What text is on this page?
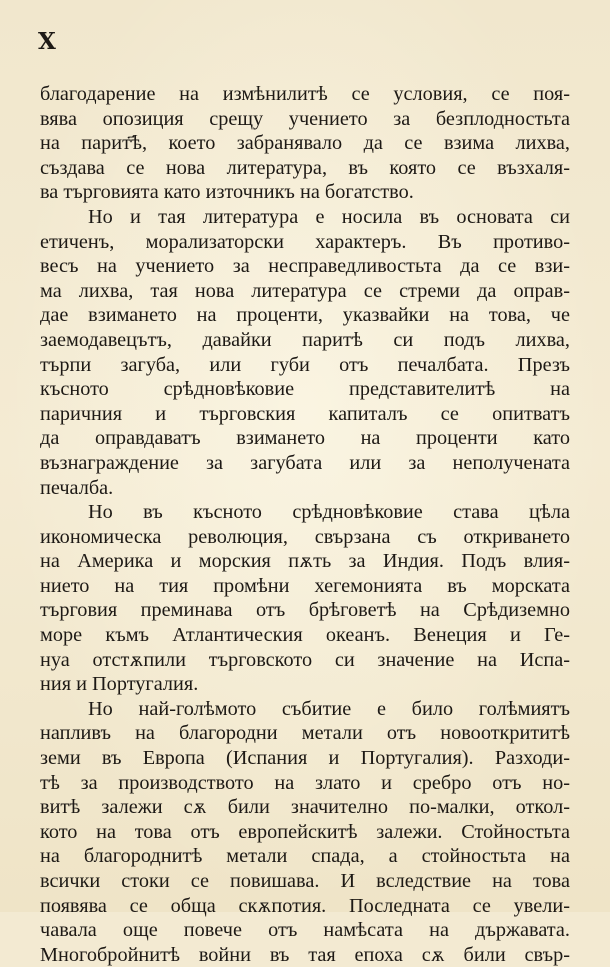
X

благодарение на измѣнилитѣ се условия, се поя-
вява опозиция срещу учението за безплодностьта
на парит҃ѣ, което забранявало да се взима лихва,
създава се нова литература, въ която се възхаля-
ва търговията като източникъ на богатство.

Но и тая литература е носила въ основата си
етиченъ, морализаторски характеръ. Въ противо-
весъ на учението за несправедливостьта да се взи-
ма лихва, тая нова литература се стреми да оправ-
дае взимането на проценти, указвайки на това, че
заемодавецътъ, давайки паритѣ си подъ лихва,
търпи загуба, или губи отъ печалбата. Презъ
късното срѣдновѣковие представителитѣ на
паричния и търговския капиталъ се опитватъ
да оправдаватъ взимането на проценти като
възнаграждение за загубата или за неполучената
печалба.

Но въ късното срѣдновѣковие става цѣла
икономическа революция, свързана съ откриването
на Америка и морския пѫть за Индия. Подъ влия-
нието на тия промѣни хегемонията въ морската
търговия преминава отъ брѣговетѣ на Срѣдиземно
море къмъ Атлантическия океанъ. Венеция и Ге-
нуа отстѫпили търговското си значение на Испа-
ния и Португалия.

Но най-голѣмото събитие е било голѣмиятъ
напливъ на благородни метали отъ новооткрититѣ
земи въ Европа (Испания и Португалия). Разходи-
тѣ за производството на злато и сребро отъ но-
витѣ залежи сѫ били значително по-малки, откол-
кото на това отъ европейскитѣ залежи. Стойностьта
на благороднитѣ метали спада, а стойностьта на
всички стоки се повишава. И вследствие на това
появява се обща скѫпотия. Последната се увели-
чавала още повече отъ намѣсата на държавата.
Многобройнитѣ войни въ тая епоха сѫ били свър-
